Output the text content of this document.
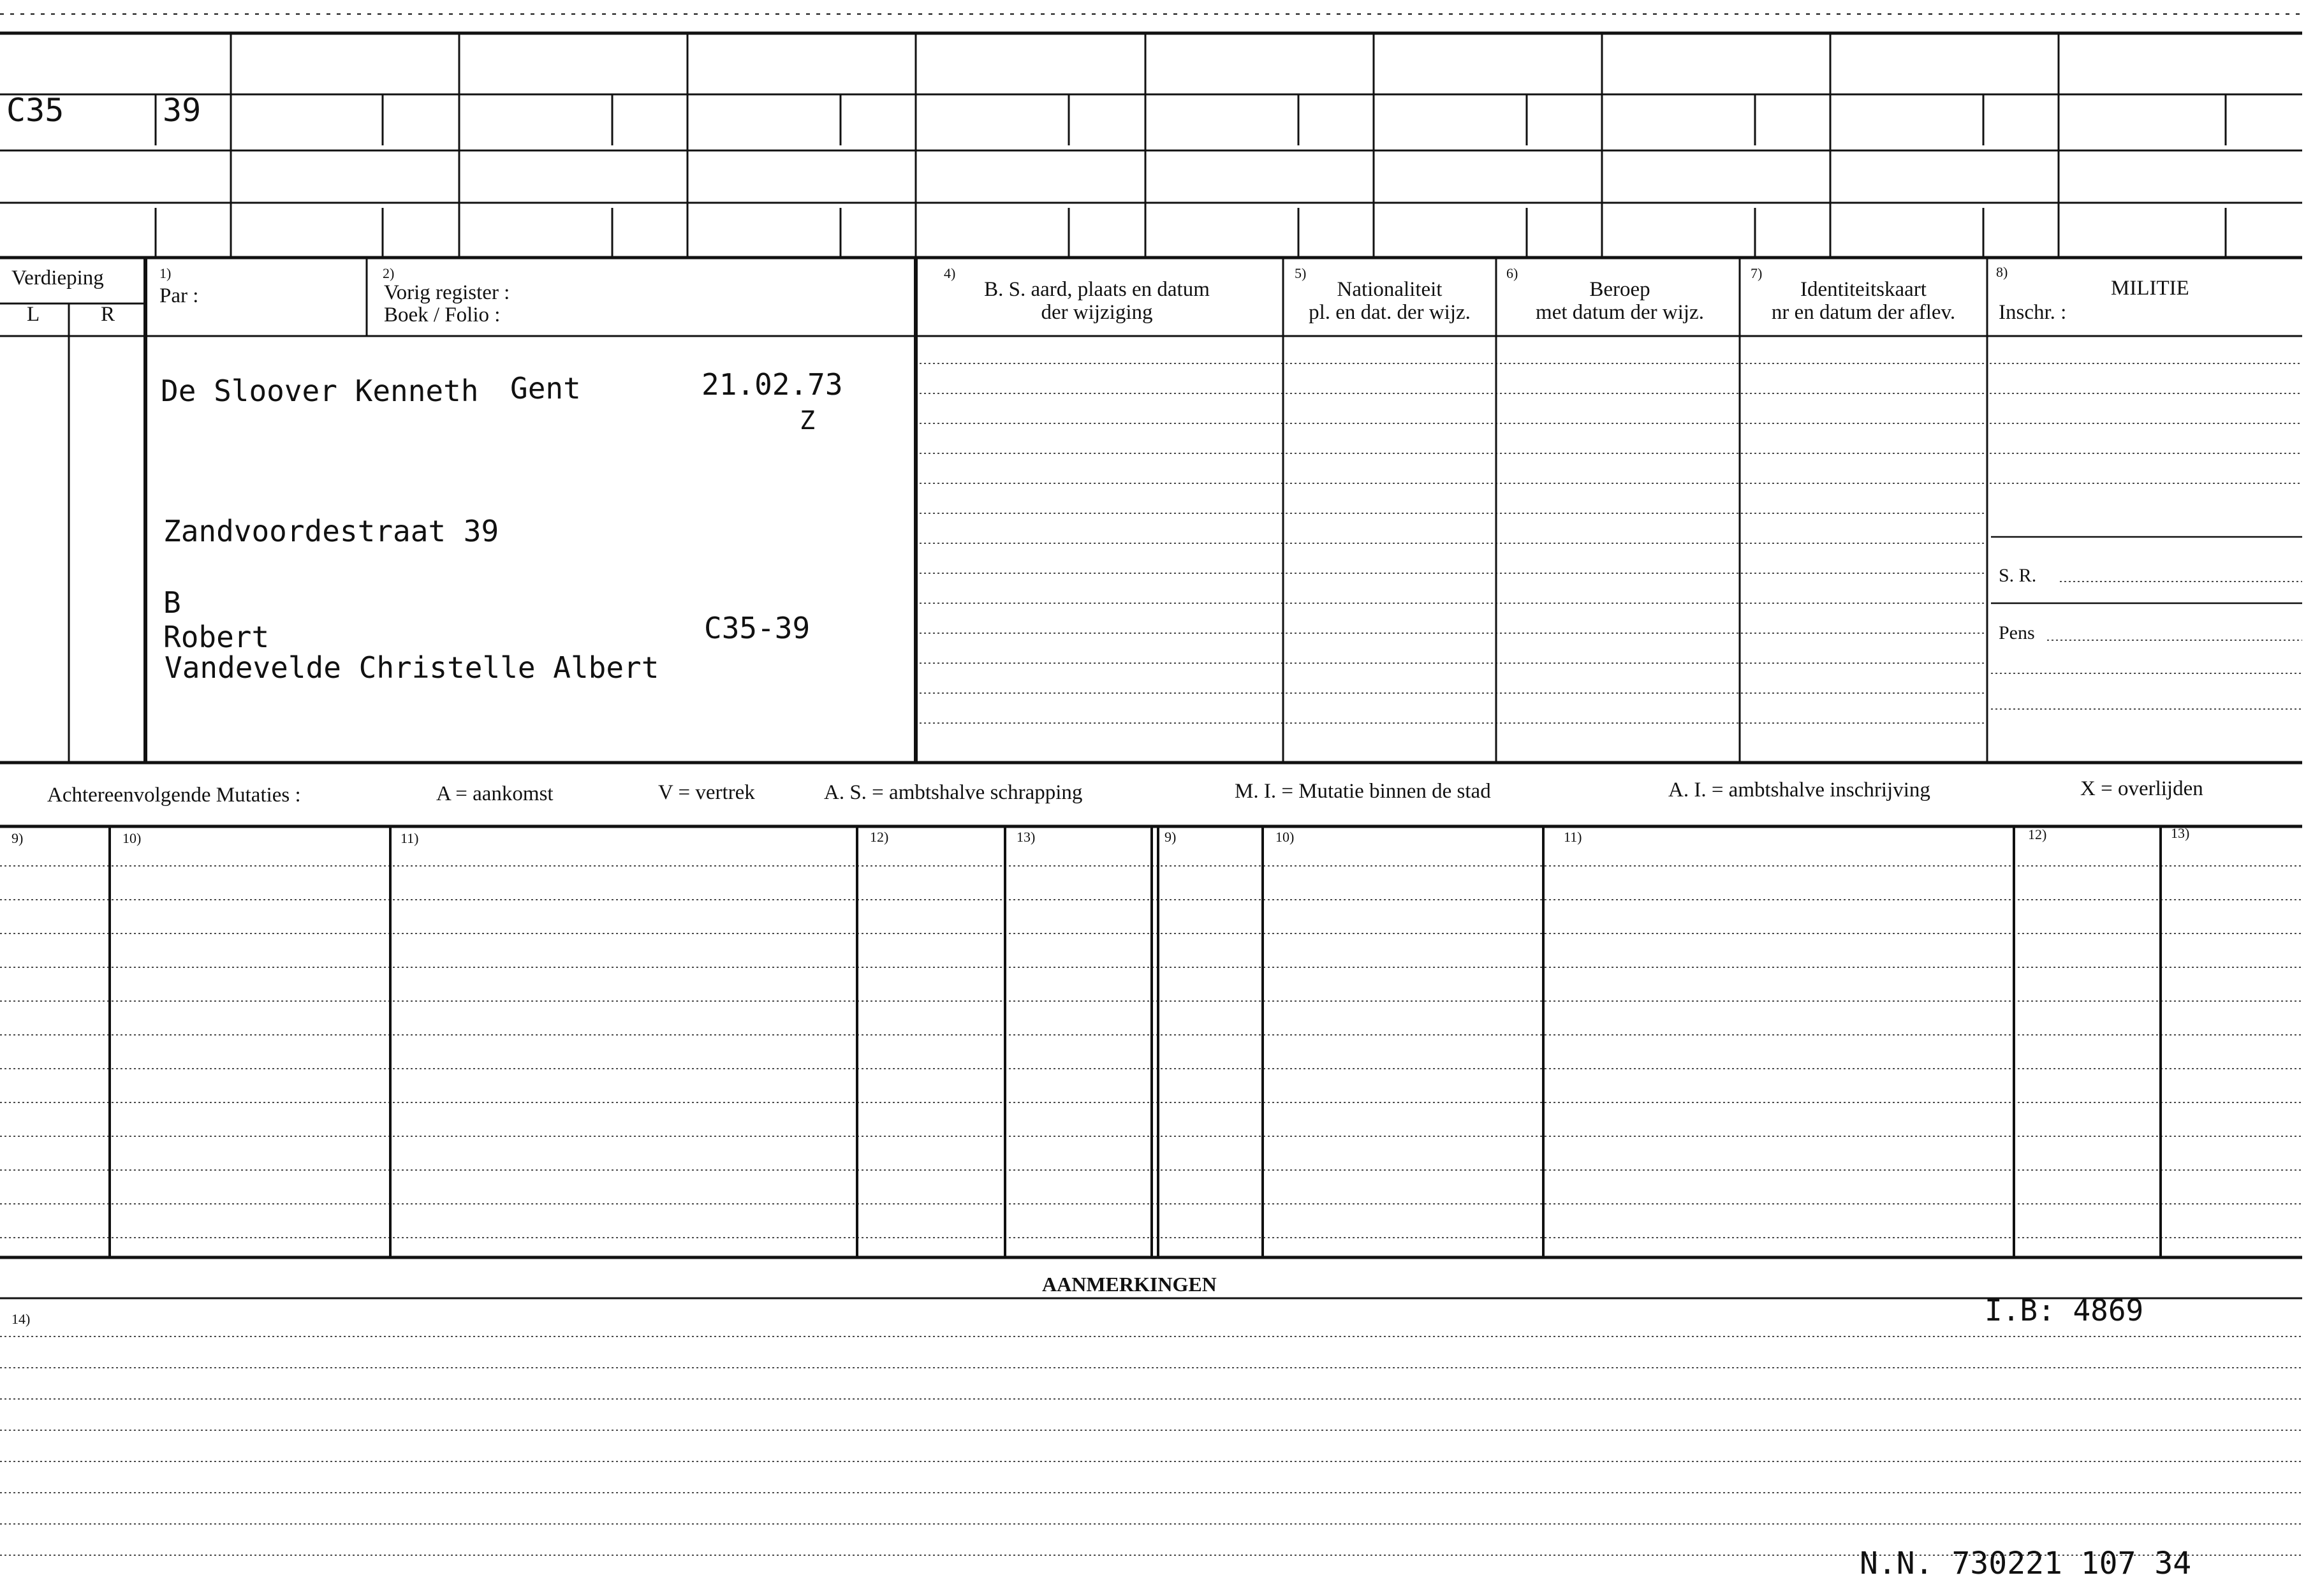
C35	39
Verdieping
L	R
1)
Par :
2)
Vorig register :
Boek / Folio :
4)
B. S. aard, plaats en datum
der wijziging
5)
Nationaliteit
pl. en dat. der wijz.
6)
Beroep
met datum der wijz.
7)
Identiteitskaart
nr en datum der aflev.
8)
MILITIE
Inschr. :
S. R.
Pens
De Sloover Kenneth Gent	21.02.73
Z
Zandvoordestraat 39
B
Robert
Vandevelde Christelle Albert
C35-39
Achtereenvolgende Mutaties :	A = aankomst	V = vertrek	A. S. = ambtshalve schrapping	M. I. = Mutatie binnen de stad	A. I. = ambtshalve inschrijving	X = overlijden
9)	10)	11)	12)	13)	9)	10)	11)	12)	13)
AANMERKINGEN
14)	I.B: 4869
N.N. 730221 107 34
